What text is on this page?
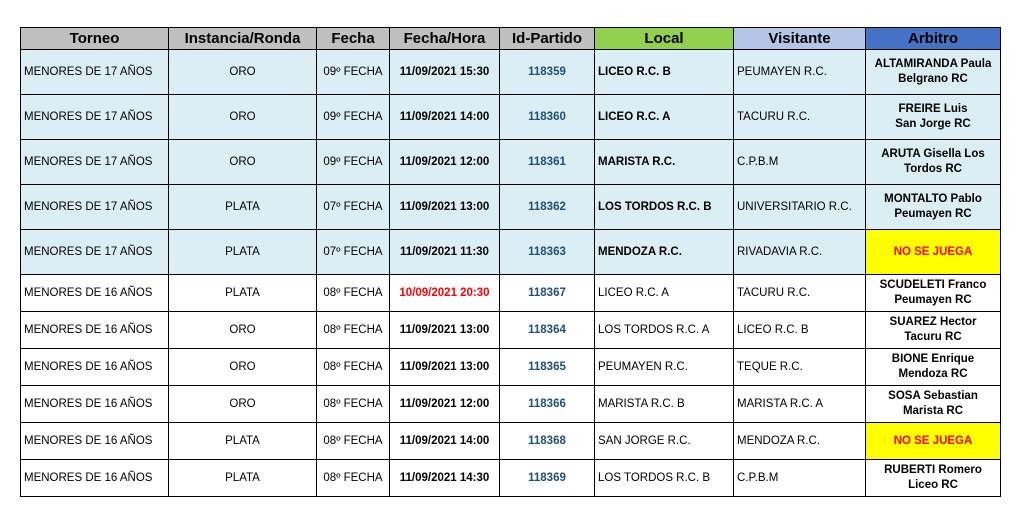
Torneo	Instancia/Ronda	Fecha	Fecha/Hora	Id-Partido	Local	Visitante	Arbitro
MENORES DE 17 AÑOS	ORO	09º FECHA	11/09/2021 15:30	118359	LICEO R.C. B	PEUMAYEN R.C.	ALTAMIRANDA Paula
Belgrano RC
MENORES DE 17 AÑOS	ORO	09º FECHA	11/09/2021 14:00	118360	LICEO R.C. A	TACURU R.C.	FREIRE Luis
San Jorge RC
MENORES DE 17 AÑOS	ORO	09º FECHA	11/09/2021 12:00	118361	MARISTA R.C.	C.P.B.M	ARUTA Gisella Los
Tordos RC
MENORES DE 17 AÑOS	PLATA	07º FECHA	11/09/2021 13:00	118362	LOS TORDOS R.C. B	UNIVERSITARIO R.C.	MONTALTO Pablo
Peumayen RC
MENORES DE 17 AÑOS	PLATA	07º FECHA	11/09/2021 11:30	118363	MENDOZA R.C.	RIVADAVIA R.C.	NO SE JUEGA
MENORES DE 16 AÑOS	PLATA	08º FECHA	10/09/2021 20:30	118367	LICEO R.C. A	TACURU R.C.	SCUDELETI Franco
Peumayen RC
MENORES DE 16 AÑOS	ORO	08º FECHA	11/09/2021 13:00	118364	LOS TORDOS R.C. A	LICEO R.C. B	SUAREZ Hector
Tacuru RC
MENORES DE 16 AÑOS	ORO	08º FECHA	11/09/2021 13:00	118365	PEUMAYEN R.C.	TEQUE R.C.	BIONE Enrique
Mendoza RC
MENORES DE 16 AÑOS	ORO	08º FECHA	11/09/2021 12:00	118366	MARISTA R.C. B	MARISTA R.C. A	SOSA Sebastian
Marista RC
MENORES DE 16 AÑOS	PLATA	08º FECHA	11/09/2021 14:00	118368	SAN JORGE R.C.	MENDOZA R.C.	NO SE JUEGA
MENORES DE 16 AÑOS	PLATA	08º FECHA	11/09/2021 14:30	118369	LOS TORDOS R.C. B	C.P.B.M	RUBERTI Romero
Liceo RC
